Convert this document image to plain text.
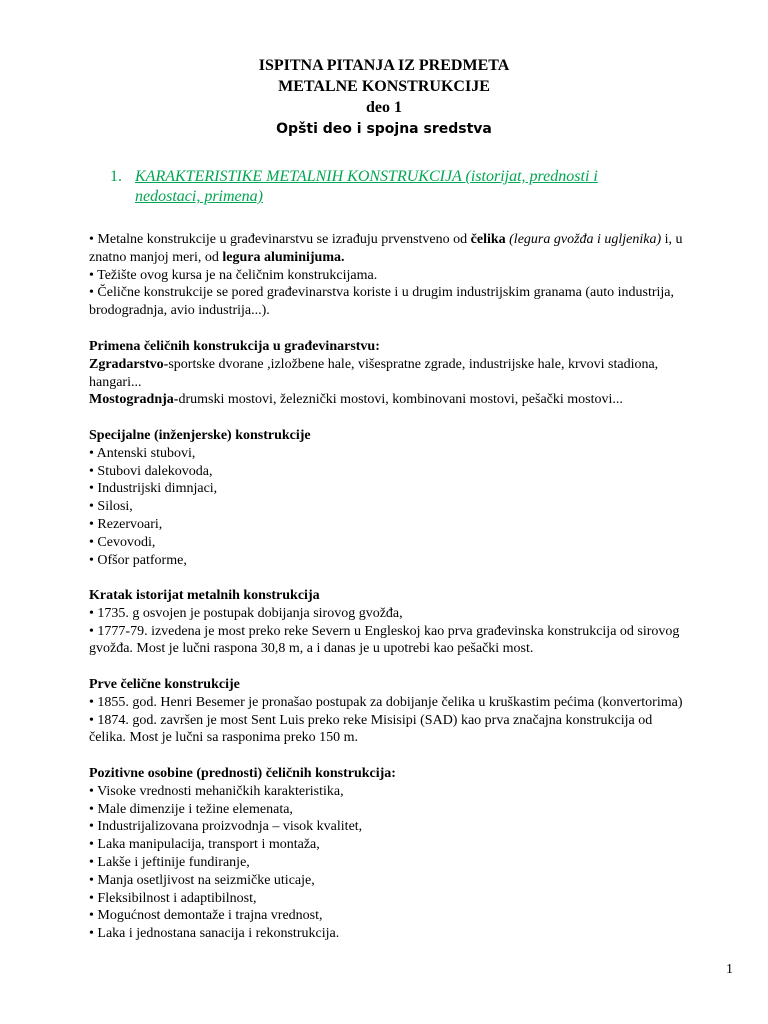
ISPITNA PITANJA IZ PREDMETA
METALNE KONSTRUKCIJE
deo 1
Opšti deo i spojna sredstva
1. KARAKTERISTIKE METALNIH KONSTRUKCIJA (istorijat, prednosti i
nedostaci, primena)
• Metalne konstrukcije u građevinarstvu se izrađuju prvenstveno od čelika (legura gvožđa i ugljenika) i, u
znatno manjoj meri, od legura aluminijuma.
• Težište ovog kursa je na čeličnim konstrukcijama.
• Čelične konstrukcije se pored građevinarstva koriste i u drugim industrijskim granama (auto industrija,
brodogradnja, avio industrija...).
Primena čeličnih konstrukcija u građevinarstvu:
Zgradarstvo-sportske dvorane ,izložbene hale, višespratne zgrade, industrijske hale, krvovi stadiona,
hangari...
Mostogradnja-drumski mostovi, železnički mostovi, kombinovani mostovi, pešački mostovi...
Specijalne (inženjerske) konstrukcije
• Antenski stubovi,
• Stubovi dalekovoda,
• Industrijski dimnjaci,
• Silosi,
• Rezervoari,
• Cevovodi,
• Ofšor patforme,
Kratak istorijat metalnih konstrukcija
• 1735. g osvojen je postupak dobijanja sirovog gvožđa,
• 1777-79. izvedena je most preko reke Severn u Engleskoj kao prva građevinska konstrukcija od sirovog
gvožđa. Most je lučni raspona 30,8 m, a i danas je u upotrebi kao pešački most.
Prve čelične konstrukcije
• 1855. god. Henri Besemer je pronašao postupak za dobijanje čelika u kruškastim pećima (konvertorima)
• 1874. god. završen je most Sent Luis preko reke Misisipi (SAD) kao prva značajna konstrukcija od
čelika. Most je lučni sa rasponima preko 150 m.
Pozitivne osobine (prednosti) čeličnih konstrukcija:
• Visoke vrednosti mehaničkih karakteristika,
• Male dimenzije i težine elemenata,
• Industrijalizovana proizvodnja – visok kvalitet,
• Laka manipulacija, transport i montaža,
• Lakše i jeftinije fundiranje,
• Manja osetljivost na seizmičke uticaje,
• Fleksibilnost i adaptibilnost,
• Mogućnost demontaže i trajna vrednost,
• Laka i jednostana sanacija i rekonstrukcija.
1
